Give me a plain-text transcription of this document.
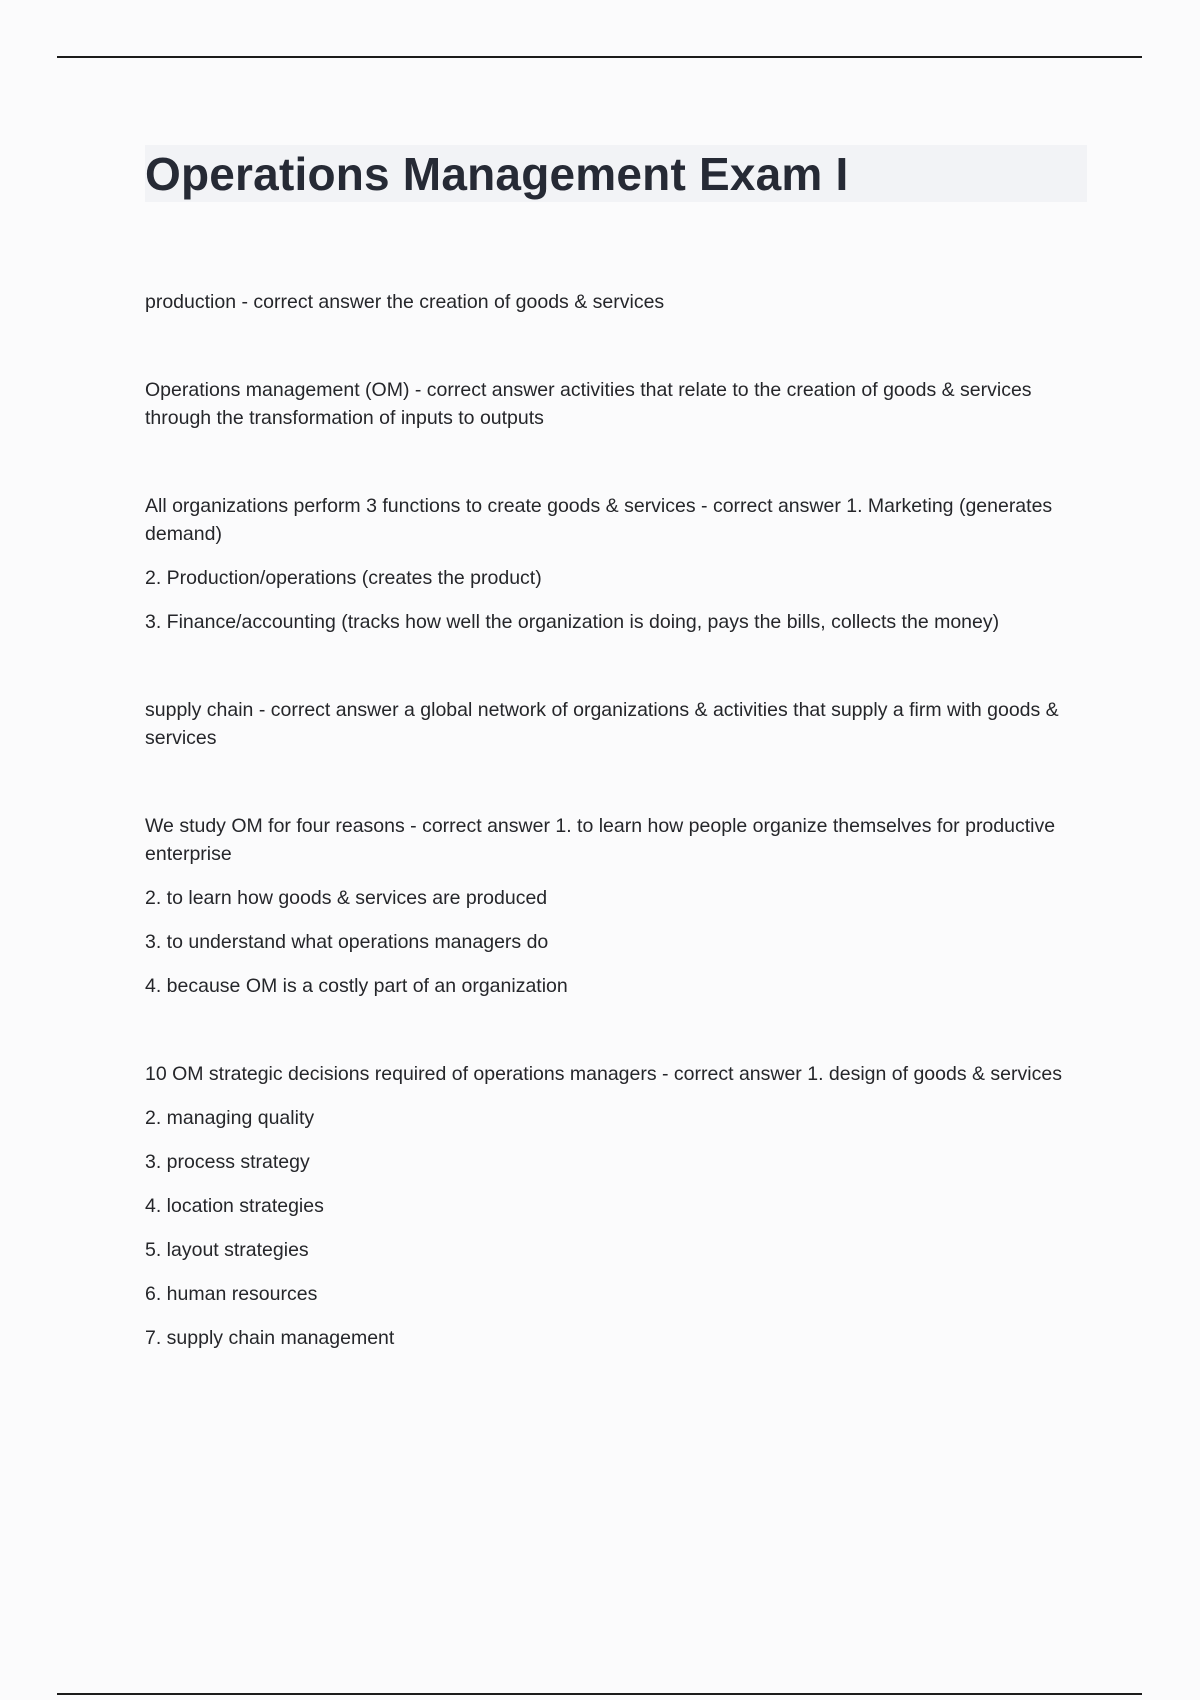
Operations Management Exam I

production - correct answer the creation of goods & services

Operations management (OM) - correct answer activities that relate to the creation of goods & services through the transformation of inputs to outputs

All organizations perform 3 functions to create goods & services - correct answer 1. Marketing (generates demand)

2. Production/operations (creates the product)

3. Finance/accounting (tracks how well the organization is doing, pays the bills, collects the money)

supply chain - correct answer a global network of organizations & activities that supply a firm with goods & services

We study OM for four reasons - correct answer 1. to learn how people organize themselves for productive enterprise

2. to learn how goods & services are produced

3. to understand what operations managers do

4. because OM is a costly part of an organization

10 OM strategic decisions required of operations managers - correct answer 1. design of goods & services

2. managing quality

3. process strategy

4. location strategies

5. layout strategies

6. human resources

7. supply chain management
